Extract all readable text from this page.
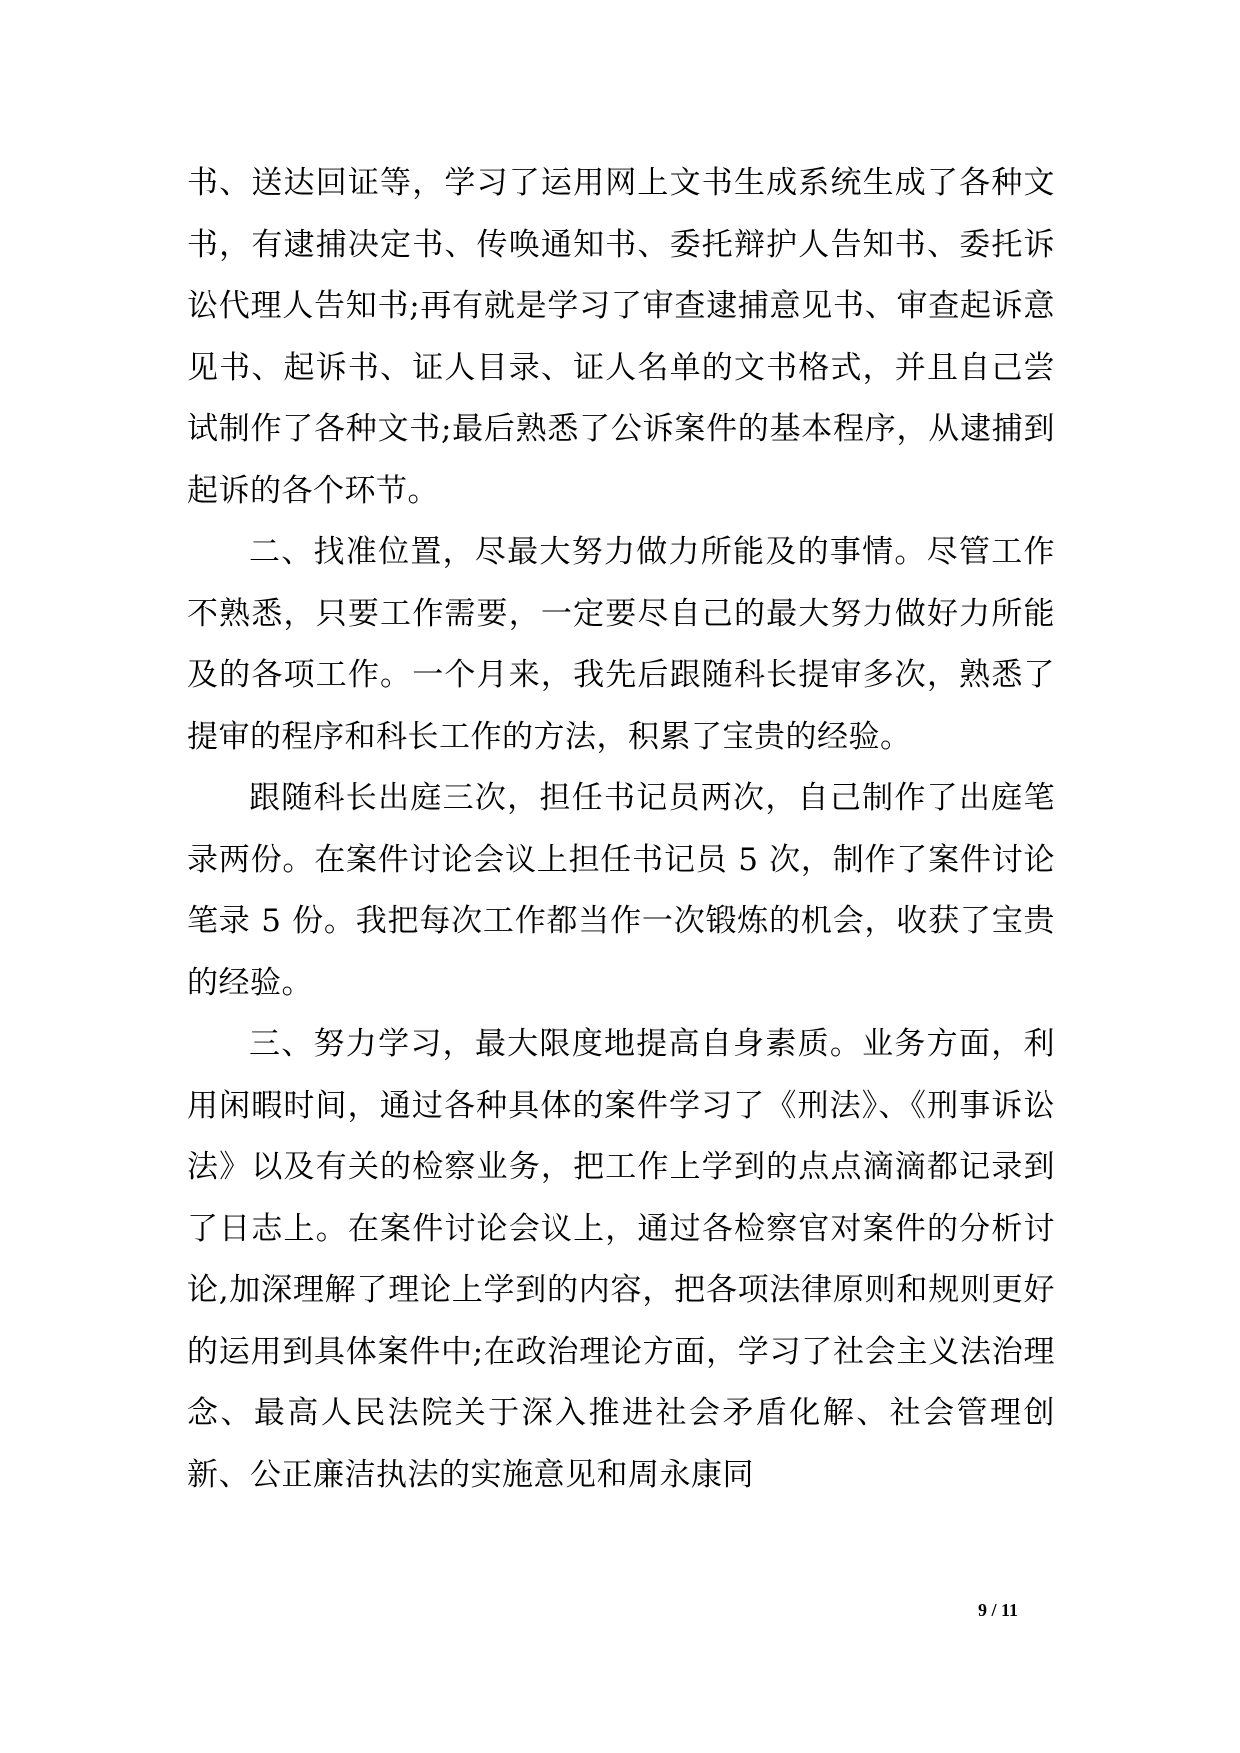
书、送达回证等，学习了运用网上文书生成系统生成了各种文书，有逮捕决定书、传唤通知书、委托辩护人告知书、委托诉讼代理人告知书;再有就是学习了审查逮捕意见书、审查起诉意见书、起诉书、证人目录、证人名单的文书格式，并且自己尝试制作了各种文书;最后熟悉了公诉案件的基本程序，从逮捕到起诉的各个环节。

二、找准位置，尽最大努力做力所能及的事情。尽管工作不熟悉，只要工作需要，一定要尽自己的最大努力做好力所能及的各项工作。一个月来，我先后跟随科长提审多次，熟悉了提审的程序和科长工作的方法，积累了宝贵的经验。

跟随科长出庭三次，担任书记员两次，自己制作了出庭笔录两份。在案件讨论会议上担任书记员 5 次，制作了案件讨论笔录 5 份。我把每次工作都当作一次锻炼的机会，收获了宝贵的经验。

三、努力学习，最大限度地提高自身素质。业务方面，利用闲暇时间，通过各种具体的案件学习了《刑法》、《刑事诉讼法》以及有关的检察业务，把工作上学到的点点滴滴都记录到了日志上。在案件讨论会议上，通过各检察官对案件的分析讨论,加深理解了理论上学到的内容，把各项法律原则和规则更好的运用到具体案件中;在政治理论方面，学习了社会主义法治理念、最高人民法院关于深入推进社会矛盾化解、社会管理创新、公正廉洁执法的实施意见和周永康同

9 / 11
